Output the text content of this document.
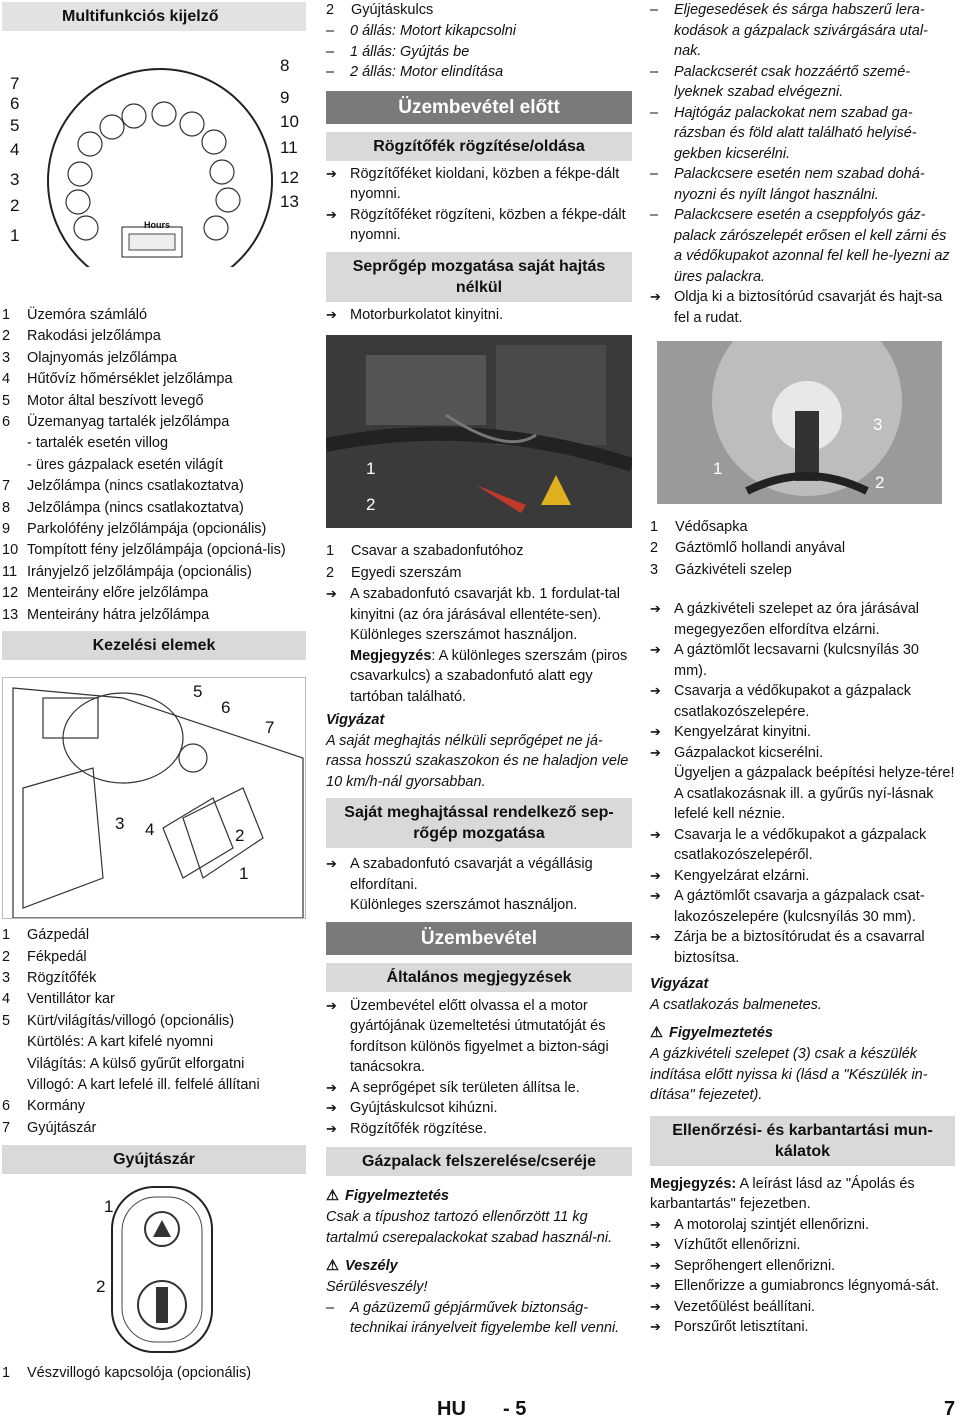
Multifunkciós kijelző
Hours
7
6
5
4
3
2
1
8
9
10
11
12
13
1 Üzemóra számláló
2 Rakodási jelzőlámpa
3 Olajnyomás jelzőlámpa
4 Hűtővíz hőmérséklet jelzőlámpa
5 Motor által beszívott levegő
6 Üzemanyag tartalék jelzőlámpa
- tartalék esetén villog
- üres gázpalack esetén világít
7 Jelzőlámpa (nincs csatlakoztatva)
8 Jelzőlámpa (nincs csatlakoztatva)
9 Parkolófény jelzőlámpája (opcionális)
10 Tompított fény jelzőlámpája (opcioná-lis)
11 Irányjelző jelzőlámpája (opcionális)
12 Menteirány előre jelzőlámpa
13 Menteirány hátra jelzőlámpa
Kezelési elemek
5
6
7
3 4	2
1
1 Gázpedál
2 Fékpedál
3 Rögzítőfék
4 Ventillátor kar
5 Kürt/világítás/villogó (opcionális)
Kürtölés: A kart kifelé nyomni
Világítás: A külső gyűrűt elforgatni
Villogó: A kart lefelé ill. felfelé állítani
6 Kormány
7 Gyújtászár
Gyújtászár
1
2
1 Vészvillogó kapcsolója (opcionális)
2 Gyújtáskulcs
– 0 állás: Motort kikapcsolni
– 1 állás: Gyújtás be
– 2 állás: Motor elindítása
Üzembevétel előtt
Rögzítőfék rögzítése/oldása
➔ Rögzítőféket kioldani, közben a fékpe-dált nyomni.
➔ Rögzítőféket rögzíteni, közben a fékpe-dált nyomni.
Seprőgép mozgatása saját hajtás nélkül
➔ Motorburkolatot kinyitni.
1
2
1 Csavar a szabadonfutóhoz
2 Egyedi szerszám
➔ A szabadonfutó csavarját kb. 1 fordulat-tal kinyitni (az óra járásával ellentéte-sen).
Különleges szerszámot használjon.
Megjegyzés: A különleges szerszám (piros csavarkulcs) a szabadonfutó alatt egy tartóban található.
Vigyázat
A saját meghajtás nélküli seprőgépet ne já-rassa hosszú szakaszokon és ne haladjon vele 10 km/h-nál gyorsabban.
Saját meghajtással rendelkező sep-rőgép mozgatása
➔ A szabadonfutó csavarját a végállásig elfordítani.
Különleges szerszámot használjon.
Üzembevétel
Általános megjegyzések
➔ Üzembevétel előtt olvassa el a motor gyártójának üzemeltetési útmutatóját és fordítson különös figyelmet a bizton-sági tanácsokra.
➔ A seprőgépet sík területen állítsa le.
➔ Gyújtáskulcsot kihúzni.
➔ Rögzítőfék rögzítése.
Gázpalack felszerelése/cseréje
⚠ Figyelmeztetés
Csak a típushoz tartozó ellenőrzött 11 kg tartalmú cserepalackokat szabad használ-ni.
⚠ Veszély
Sérülésveszély!
– A gázüzemű gépjárművek biztonság-technikai irányelveit figyelembe kell venni.
– Eljegesedések és sárga habszerű lera-kodások a gázpalack szivárgására utal-nak.
– Palackcserét csak hozzáértő szemé-lyeknek szabad elvégezni.
– Hajtógáz palackokat nem szabad ga-rázsban és föld alatt található helyisé-gekben kicserélni.
– Palackcsere esetén nem szabad dohá-nyozni és nyílt lángot használni.
– Palackcsere esetén a cseppfolyós gáz-palack zárószelepét erősen el kell zárni és a védőkupakot azonnal fel kell he-lyezni az üres palackra.
➔ Oldja ki a biztosítórúd csavarját és hajt-sa fel a rudat.
3
1
2
1 Védősapka
2 Gáztömlő hollandi anyával
3 Gázkivételi szelep
➔ A gázkivételi szelepet az óra járásával megegyezően elfordítva elzárni.
➔ A gáztömlőt lecsavarni (kulcsnyílás 30 mm).
➔ Csavarja a védőkupakot a gázpalack csatlakozószelepére.
➔ Kengyelzárat kinyitni.
➔ Gázpalackot kicserélni.
Ügyeljen a gázpalack beépítési helyze-tére! A csatlakozásnak ill. a gyűrűs nyí-lásnak lefelé kell néznie.
➔ Csavarja le a védőkupakot a gázpalack csatlakozószelepéről.
➔ Kengyelzárat elzárni.
➔ A gáztömlőt csavarja a gázpalack csat-lakozószelepére (kulcsnyílás 30 mm).
➔ Zárja be a biztosítórudat és a csavarral biztosítsa.
Vigyázat
A csatlakozás balmenetes.
⚠ Figyelmeztetés
A gázkivételi szelepet (3) csak a készülék indítása előtt nyissa ki (lásd a "Készülék in-dítása" fejezetet).
Ellenőrzési- és karbantartási mun-kálatok
Megjegyzés: A leírást lásd az "Ápolás és karbantartás" fejezetben.
➔ A motorolaj szintjét ellenőrizni.
➔ Vízhűtőt ellenőrizni.
➔ Seprőhengert ellenőrizni.
➔ Ellenőrizze a gumiabroncs légnyomá-sát.
➔ Vezetőülést beállítani.
➔ Porszűrőt letisztítani.
HU - 5	7
